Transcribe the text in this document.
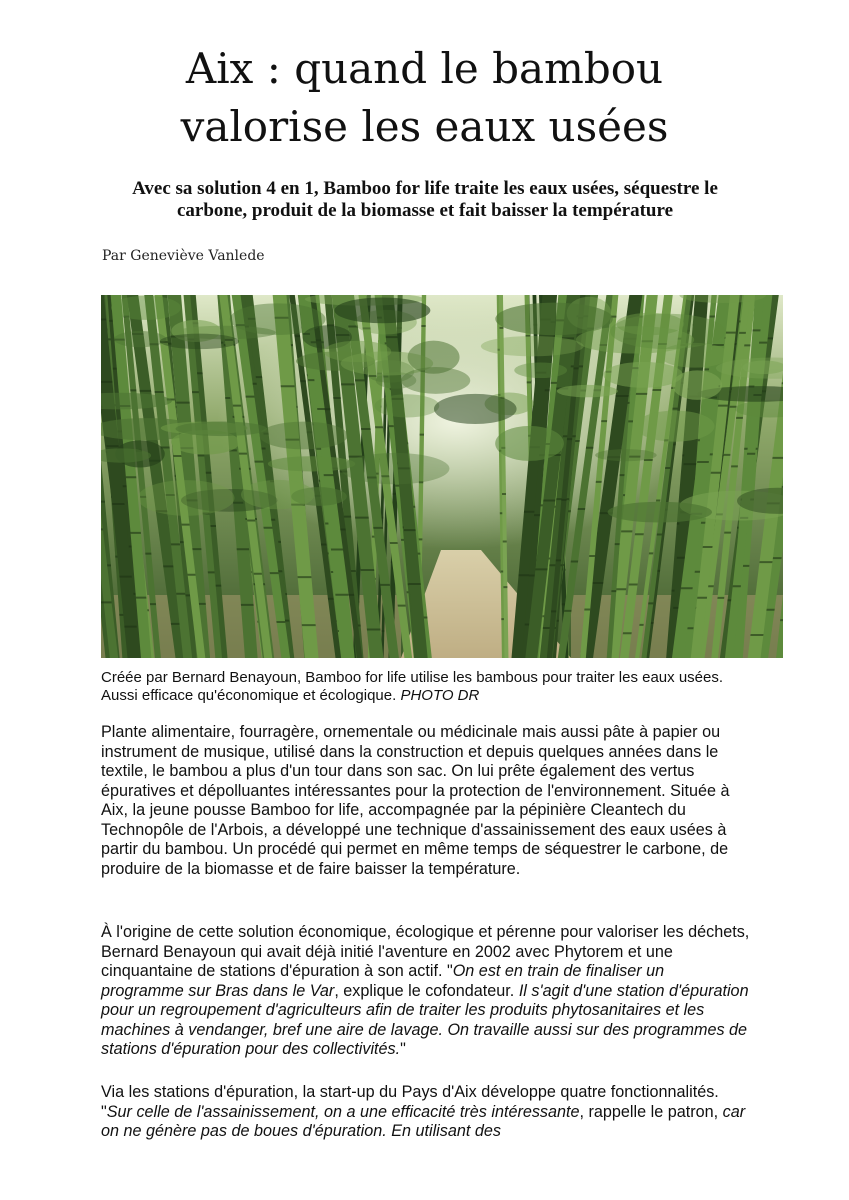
Aix : quand le bambou
valorise les eaux usées

Avec sa solution 4 en 1, Bamboo for life traite les eaux usées, séquestre le carbone, produit de la biomasse et fait baisser la température

Par Geneviève Vanlede

Créée par Bernard Benayoun, Bamboo for life utilise les bambous pour traiter les eaux usées. Aussi efficace qu'économique et écologique. PHOTO DR

Plante alimentaire, fourragère, ornementale ou médicinale mais aussi pâte à papier ou instrument de musique, utilisé dans la construction et depuis quelques années dans le textile, le bambou a plus d'un tour dans son sac. On lui prête également des vertus épuratives et dépolluantes intéressantes pour la protection de l'environnement. Située à Aix, la jeune pousse Bamboo for life, accompagnée par la pépinière Cleantech du Technopôle de l'Arbois, a développé une technique d'assainissement des eaux usées à partir du bambou. Un procédé qui permet en même temps de séquestrer le carbone, de produire de la biomasse et de faire baisser la température.

À l'origine de cette solution économique, écologique et pérenne pour valoriser les déchets, Bernard Benayoun qui avait déjà initié l'aventure en 2002 avec Phytorem et une cinquantaine de stations d'épuration à son actif. "On est en train de finaliser un programme sur Bras dans le Var, explique le cofondateur. Il s'agit d'une station d'épuration pour un regroupement d'agriculteurs afin de traiter les produits phytosanitaires et les machines à vendanger, bref une aire de lavage. On travaille aussi sur des programmes de stations d'épuration pour des collectivités."

Via les stations d'épuration, la start-up du Pays d'Aix développe quatre fonctionnalités. "Sur celle de l'assainissement, on a une efficacité très intéressante, rappelle le patron, car on ne génère pas de boues d'épuration. En utilisant des
